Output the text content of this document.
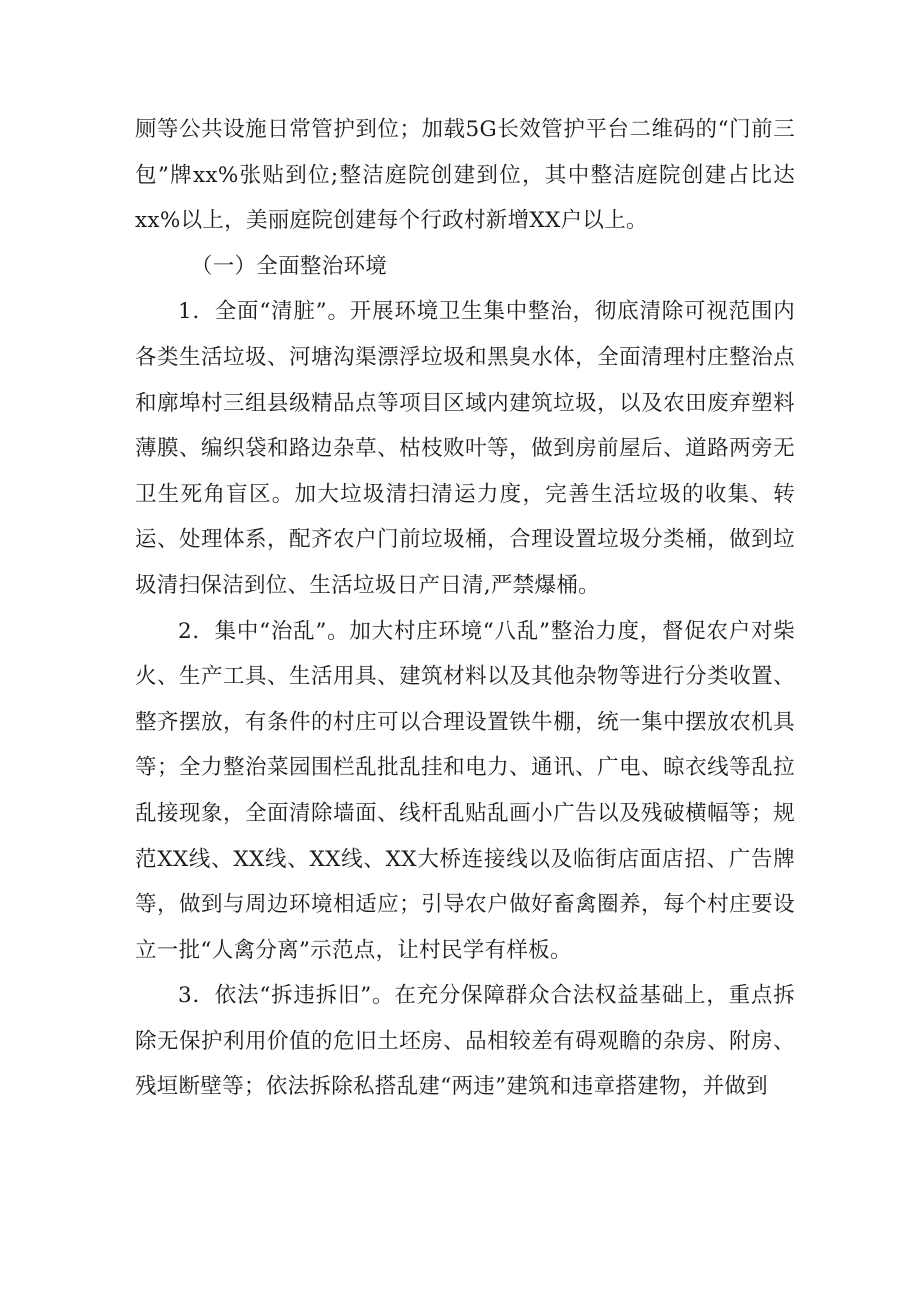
厕等公共设施日常管护到位；加载5G长效管护平台二维码的“门前三包”牌xx%张贴到位;整洁庭院创建到位，其中整洁庭院创建占比达xx%以上，美丽庭院创建每个行政村新增XX户以上。

（一）全面整治环境

1．全面“清脏”。开展环境卫生集中整治，彻底清除可视范围内各类生活垃圾、河塘沟渠漂浮垃圾和黑臭水体，全面清理村庄整治点和廓埠村三组县级精品点等项目区域内建筑垃圾，以及农田废弃塑料薄膜、编织袋和路边杂草、枯枝败叶等，做到房前屋后、道路两旁无卫生死角盲区。加大垃圾清扫清运力度，完善生活垃圾的收集、转运、处理体系，配齐农户门前垃圾桶，合理设置垃圾分类桶，做到垃圾清扫保洁到位、生活垃圾日产日清,严禁爆桶。

2．集中“治乱”。加大村庄环境“八乱”整治力度，督促农户对柴火、生产工具、生活用具、建筑材料以及其他杂物等进行分类收置、整齐摆放，有条件的村庄可以合理设置铁牛棚，统一集中摆放农机具等；全力整治菜园围栏乱批乱挂和电力、通讯、广电、晾衣线等乱拉乱接现象，全面清除墙面、线杆乱贴乱画小广告以及残破横幅等；规范XX线、XX线、XX线、XX大桥连接线以及临街店面店招、广告牌等，做到与周边环境相适应；引导农户做好畜禽圈养，每个村庄要设立一批“人禽分离”示范点，让村民学有样板。

3．依法“拆违拆旧”。在充分保障群众合法权益基础上，重点拆除无保护利用价值的危旧土坯房、品相较差有碍观瞻的杂房、附房、残垣断壁等；依法拆除私搭乱建“两违”建筑和违章搭建物，并做到
